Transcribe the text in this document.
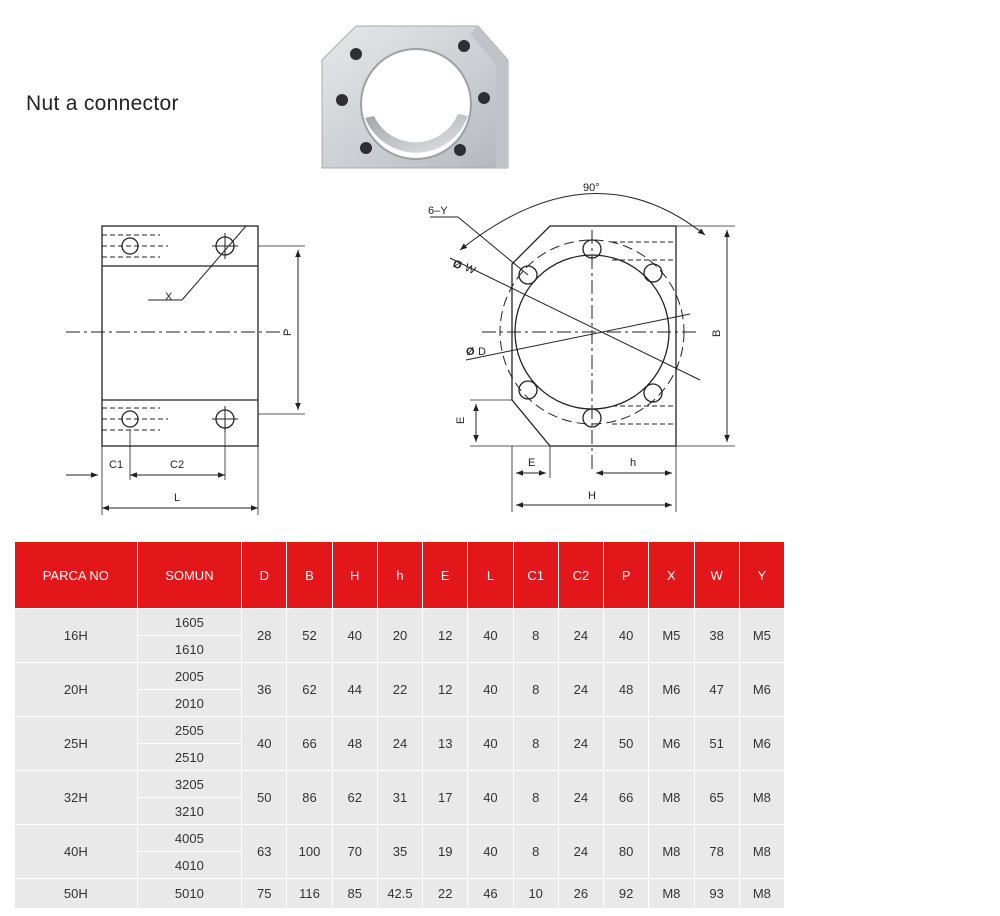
Nut a connector
X
P
C1	C2
L
90°
6–Y
Ø W
Ø D
B
E
E	h
H
PARCA NO	SOMUN	D	B	H	h	E	L	C1	C2	P	X	W	Y
16H	1605	28	52	40	20	12	40	8	24	40	M5	38	M5
	1610												
20H	2005	36	62	44	22	12	40	8	24	48	M6	47	M6
	2010												
25H	2505	40	66	48	24	13	40	8	24	50	M6	51	M6
	2510												
32H	3205	50	86	62	31	17	40	8	24	66	M8	65	M8
	3210												
40H	4005	63	100	70	35	19	40	8	24	80	M8	78	M8
	4010												
50H	5010	75	116	85	42.5	22	46	10	26	92	M8	93	M8
